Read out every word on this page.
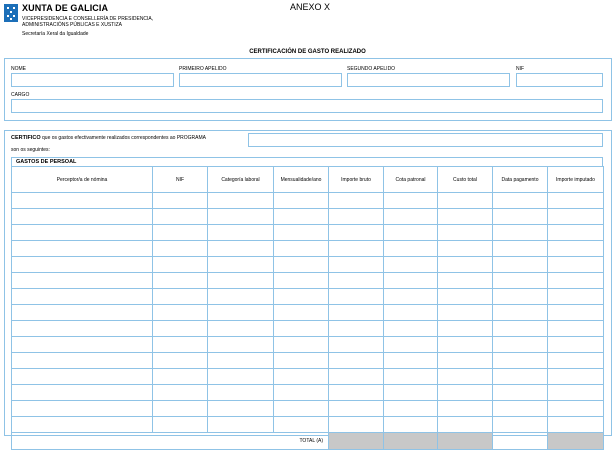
XUNTA DE GALICIA
VICEPRESIDENCIA E CONSELLERÍA DE PRESIDENCIA,
ADMINISTRACIÓNS PÚBLICAS E XUSTIZA
Secretaría Xeral da Igualdade
ANEXO X
CERTIFICACIÓN DE GASTO REALIZADO
NOME	PRIMEIRO APELIDO	SEGUNDO APELIDO	NIF
CARGO
CERTIFICO que os gastos efectivamente realizados correspondentes ao PROGRAMA
son os seguintes:
GASTOS DE PERSOAL
Perceptor/a de nómina	NIF	Categoría laboral	Mensualidade/ano	Importe bruto	Cota patronal	Custo total	Data pagamento	Importe imputado

TOTAL (A)								
